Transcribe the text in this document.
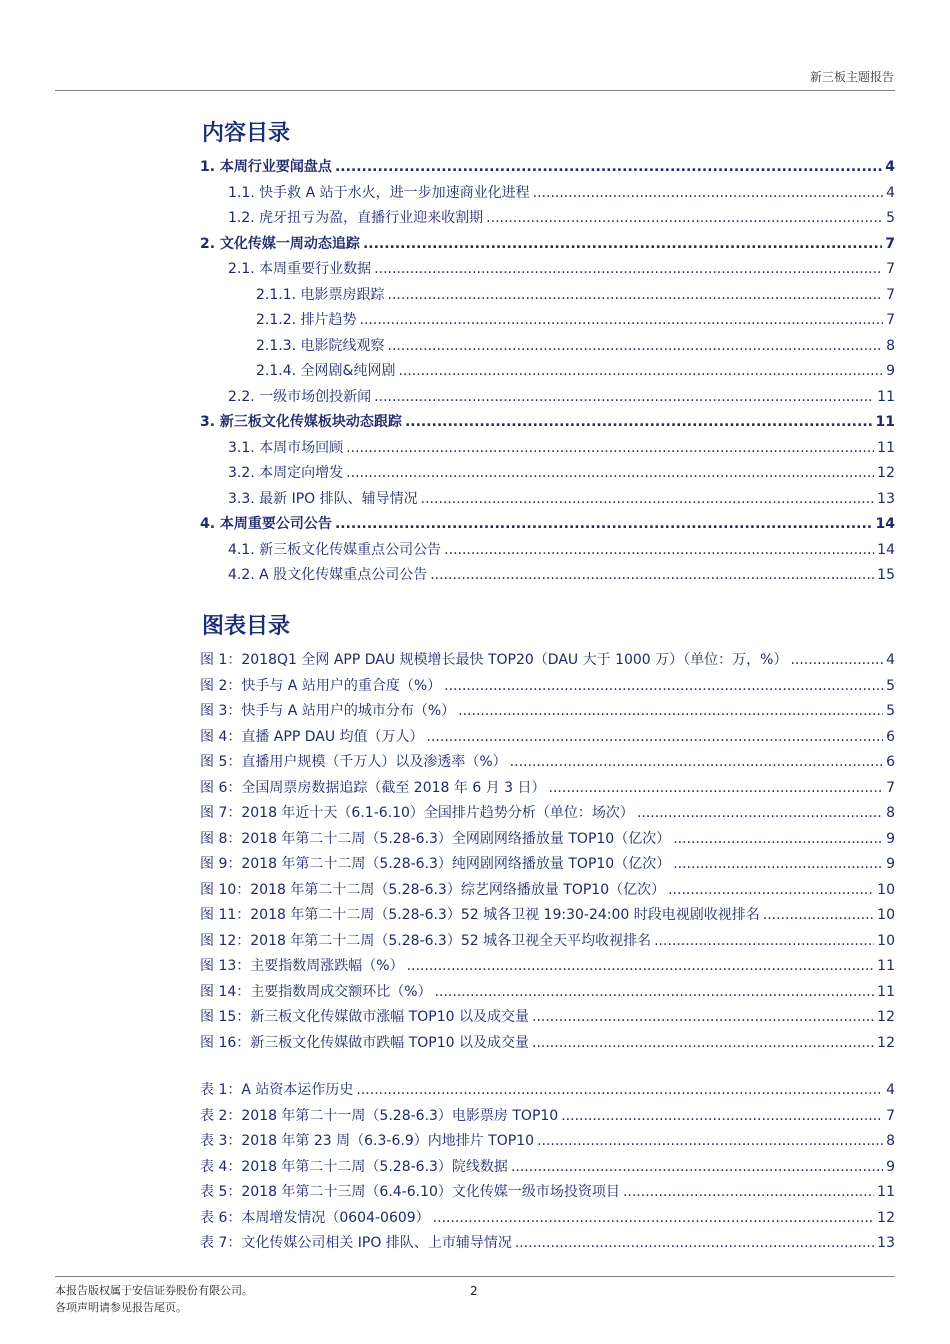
新三板主题报告
内容目录
1. 本周行业要闻盘点 .....	4
1.1. 快手救 A 站于水火，进一步加速商业化进程 .....	4
1.2. 虎牙扭亏为盈，直播行业迎来收割期 .....	5
2. 文化传媒一周动态追踪 .....	7
2.1. 本周重要行业数据 .....	7
2.1.1. 电影票房跟踪 .....	7
2.1.2. 排片趋势 .....	7
2.1.3. 电影院线观察 .....	8
2.1.4. 全网剧&纯网剧 .....	9
2.2. 一级市场创投新闻 .....	11
3. 新三板文化传媒板块动态跟踪 .....	11
3.1. 本周市场回顾 .....	11
3.2. 本周定向增发 .....	12
3.3. 最新 IPO 排队、辅导情况 .....	13
4. 本周重要公司公告 .....	14
4.1. 新三板文化传媒重点公司公告 .....	14
4.2. A 股文化传媒重点公司公告 .....	15
图表目录
图 1：2018Q1 全网 APP DAU 规模增长最快 TOP20（DAU 大于 1000 万）（单位：万，%） .....	4
图 2：快手与 A 站用户的重合度（%） .....	5
图 3：快手与 A 站用户的城市分布（%） .....	5
图 4：直播 APP DAU 均值（万人） .....	6
图 5：直播用户规模（千万人）以及渗透率（%） .....	6
图 6：全国周票房数据追踪（截至 2018 年 6 月 3 日） .....	7
图 7：2018 年近十天（6.1-6.10）全国排片趋势分析（单位：场次） .....	8
图 8：2018 年第二十二周（5.28-6.3）全网剧网络播放量 TOP10（亿次） .....	9
图 9：2018 年第二十二周（5.28-6.3）纯网剧网络播放量 TOP10（亿次） .....	9
图 10：2018 年第二十二周（5.28-6.3）综艺网络播放量 TOP10（亿次） .....	10
图 11：2018 年第二十二周（5.28-6.3）52 城各卫视 19:30-24:00 时段电视剧收视排名 .....	10
图 12：2018 年第二十二周（5.28-6.3）52 城各卫视全天平均收视排名 .....	10
图 13：主要指数周涨跌幅（%） .....	11
图 14：主要指数周成交额环比（%） .....	11
图 15：新三板文化传媒做市涨幅 TOP10 以及成交量 .....	12
图 16：新三板文化传媒做市跌幅 TOP10 以及成交量 .....	12
表 1：A 站资本运作历史 .....	4
表 2：2018 年第二十一周（5.28-6.3）电影票房 TOP10 .....	7
表 3：2018 年第 23 周（6.3-6.9）内地排片 TOP10 .....	8
表 4：2018 年第二十二周（5.28-6.3）院线数据 .....	9
表 5：2018 年第二十三周（6.4-6.10）文化传媒一级市场投资项目 .....	11
表 6：本周增发情况（0604-0609） .....	12
表 7：文化传媒公司相关 IPO 排队、上市辅导情况 .....	13
本报告版权属于安信证券股份有限公司。
各项声明请参见报告尾页。
2
